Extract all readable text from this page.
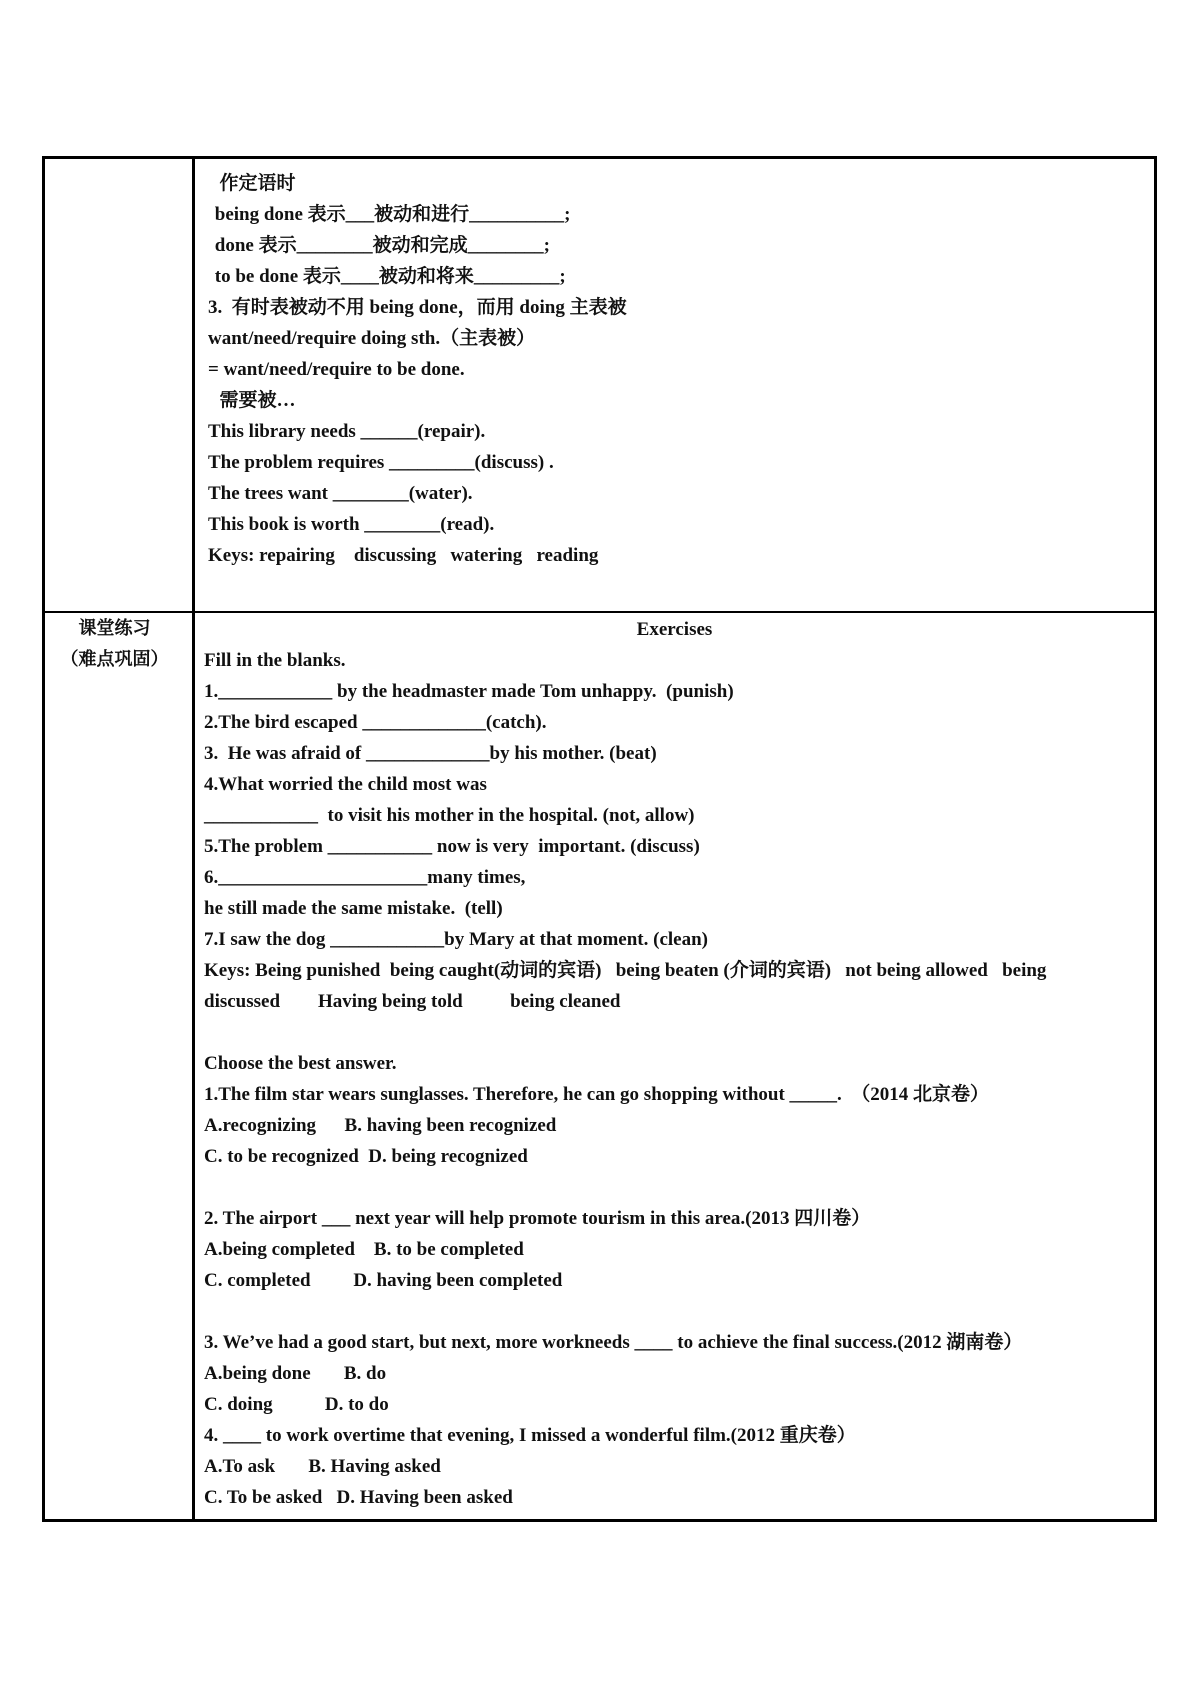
作定语时
being done 表示___被动和进行__________;
done 表示________被动和完成________;
to be done 表示____被动和将来_________;
3.  有时表被动不用 being done，而用 doing 主表被
want/need/require doing sth.（主表被）
= want/need/require to be done.
需要被…
This library needs ______(repair).
The problem requires _________(discuss) .
The trees want ________(water).
This book is worth ________(read).
Keys: repairing    discussing   watering   reading
课堂练习
（难点巩固）
Exercises
Fill in the blanks.
1.____________ by the headmaster made Tom unhappy.  (punish)
2.The bird escaped _____________(catch).
3.  He was afraid of _____________by his mother. (beat)
4.What worried the child most was
____________  to visit his mother in the hospital. (not, allow)
5.The problem ___________ now is very  important. (discuss)
6.______________________many times,
he still made the same mistake.  (tell)
7.I saw the dog ____________by Mary at that moment. (clean)
Keys: Being punished  being caught(动词的宾语)   being beaten (介词的宾语)   not being allowed   being
discussed        Having being told          being cleaned
Choose the best answer.
1.The film star wears sunglasses. Therefore, he can go shopping without _____.  （2014 北京卷）
A.recognizing      B. having been recognized
C. to be recognized  D. being recognized
2. The airport ___ next year will help promote tourism in this area.(2013 四川卷）
A.being completed    B. to be completed
C. completed         D. having been completed
3. We’ve had a good start, but next, more workneeds ____ to achieve the final success.(2012 湖南卷）
A.being done       B. do
C. doing           D. to do
4. ____ to work overtime that evening, I missed a wonderful film.(2012 重庆卷）
A.To ask       B. Having asked
C. To be asked   D. Having been asked
